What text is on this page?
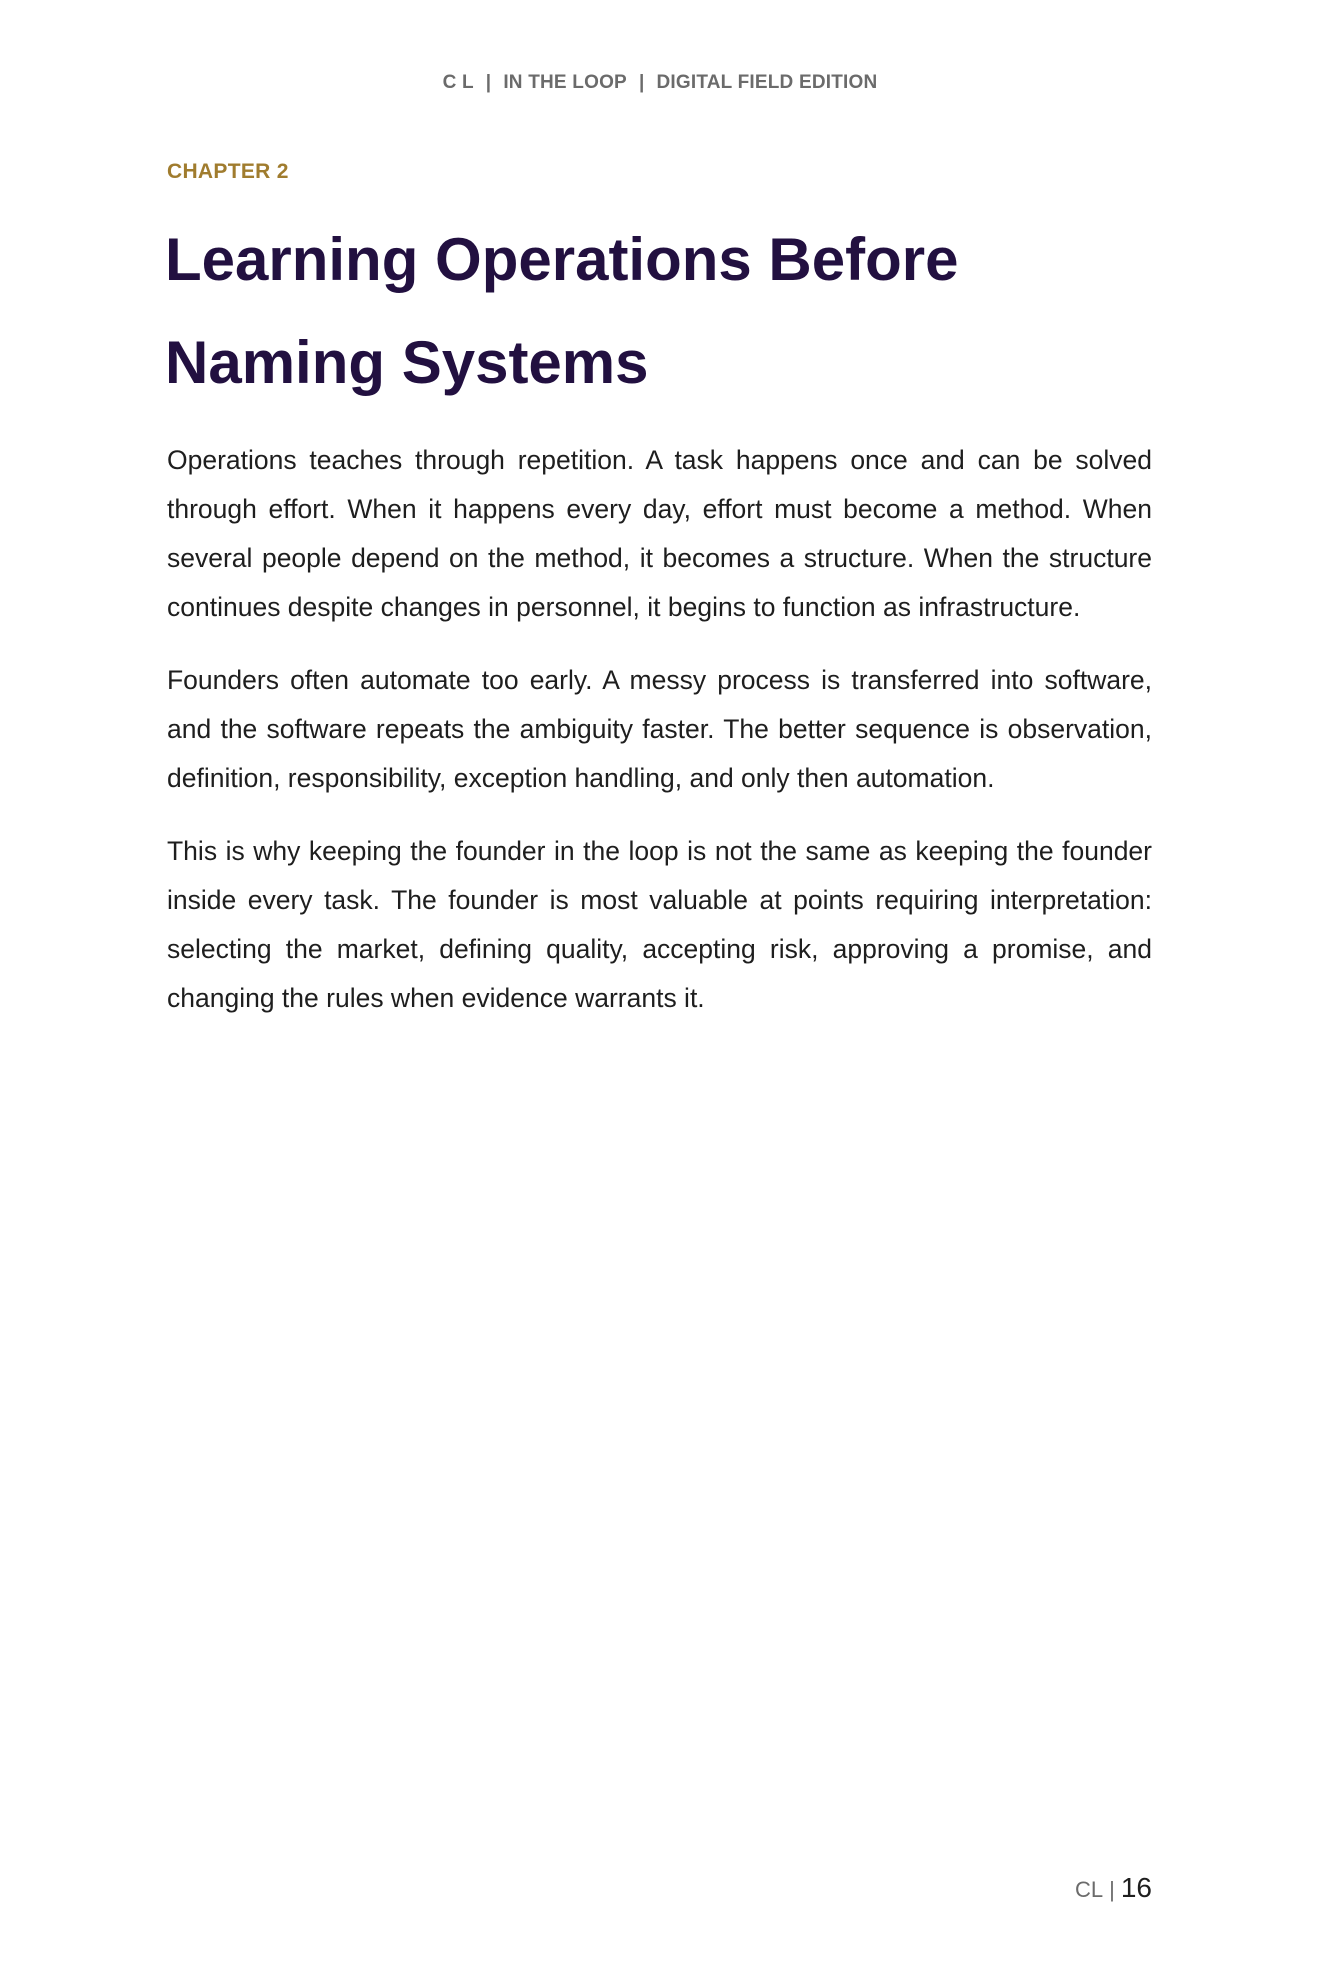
C L | IN THE LOOP | DIGITAL FIELD EDITION
CHAPTER 2
Learning Operations Before
Naming Systems

Operations teaches through repetition. A task happens once and can be solved through effort. When it happens every day, effort must become a method. When several people depend on the method, it becomes a structure. When the structure continues despite changes in personnel, it begins to function as infrastructure.

Founders often automate too early. A messy process is transferred into software, and the software repeats the ambiguity faster. The better sequence is observation, definition, responsibility, exception handling, and only then automation.

This is why keeping the founder in the loop is not the same as keeping the founder inside every task. The founder is most valuable at points requiring interpretation: selecting the market, defining quality, accepting risk, approving a promise, and changing the rules when evidence warrants it.

CL | 16
